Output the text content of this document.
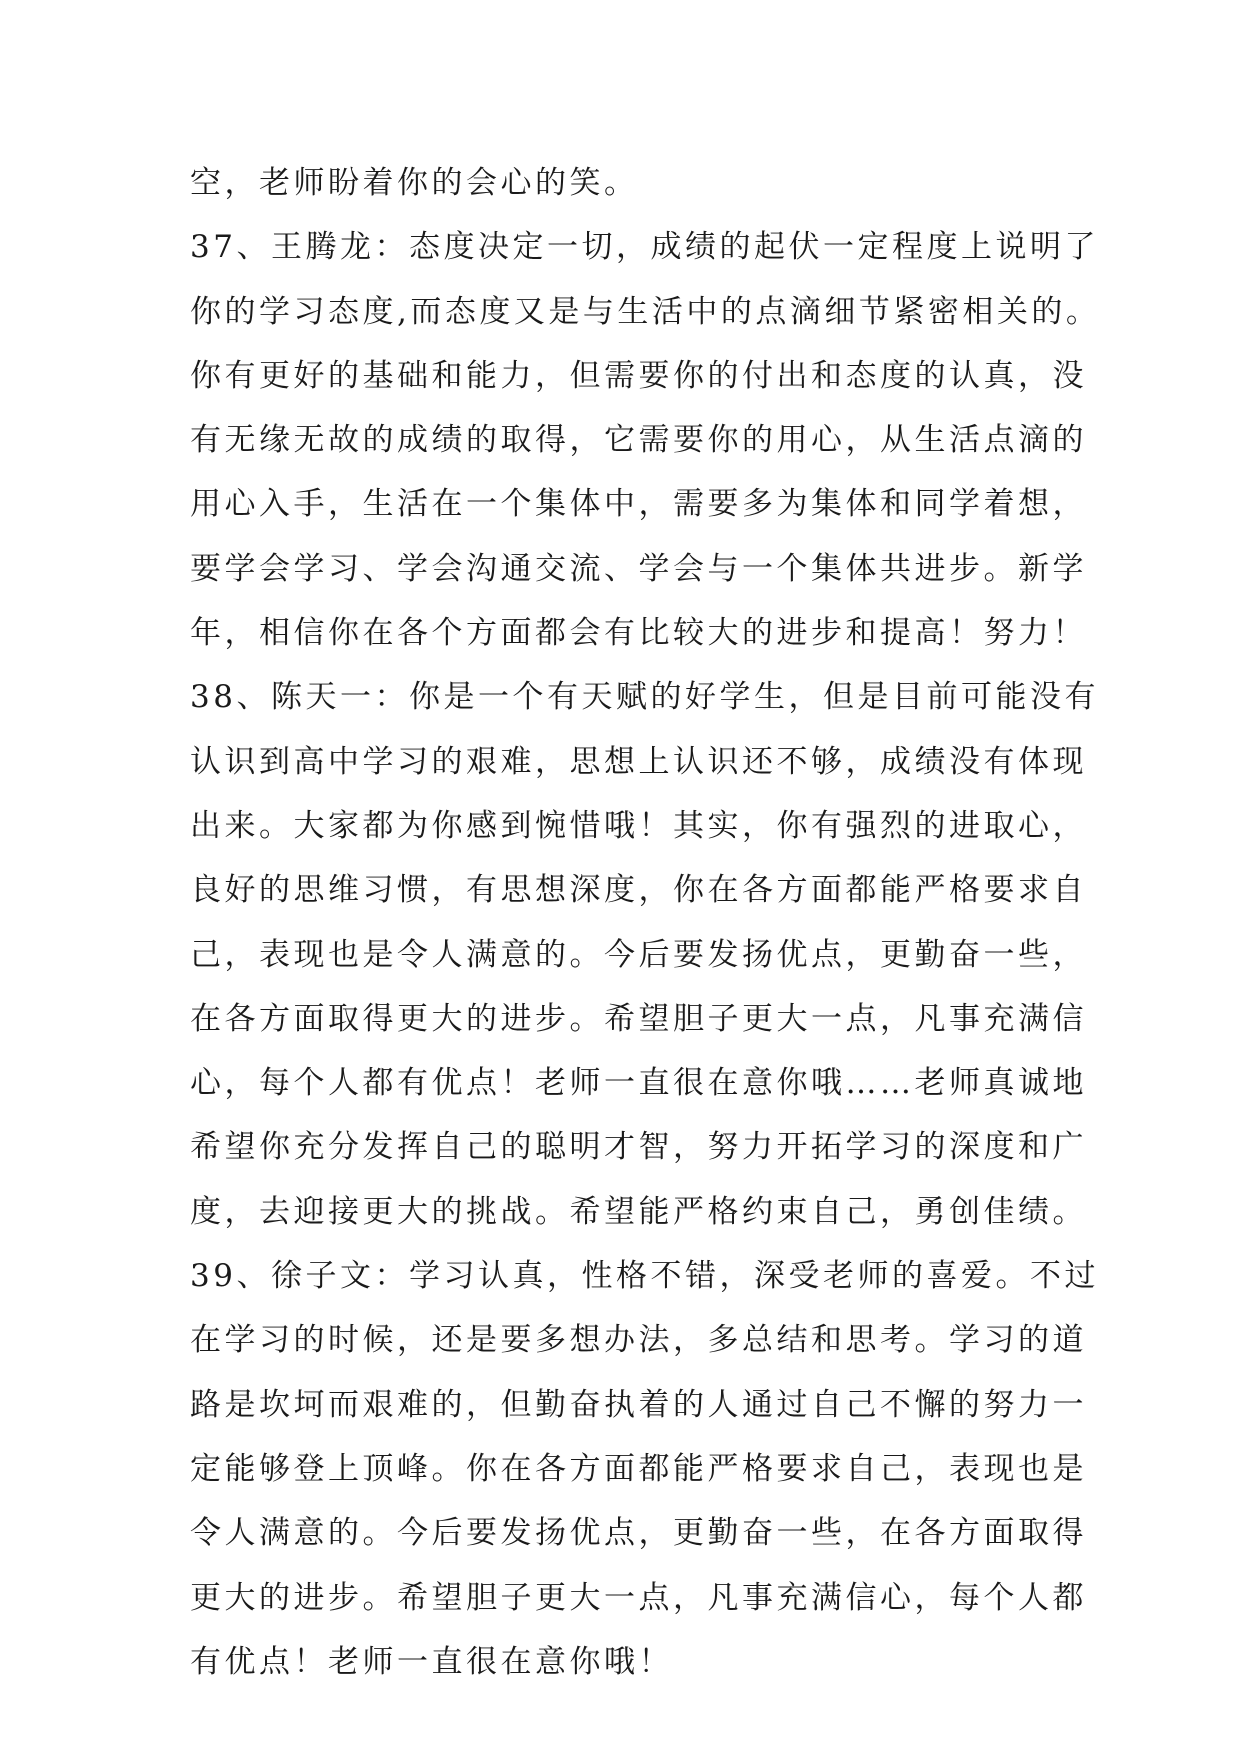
空，老师盼着你的会心的笑。
37、王腾龙：态度决定一切，成绩的起伏一定程度上说明了
你的学习态度,而态度又是与生活中的点滴细节紧密相关的。
你有更好的基础和能力，但需要你的付出和态度的认真，没
有无缘无故的成绩的取得，它需要你的用心，从生活点滴的
用心入手，生活在一个集体中，需要多为集体和同学着想，
要学会学习、学会沟通交流、学会与一个集体共进步。新学
年，相信你在各个方面都会有比较大的进步和提高！努力！
38、陈天一：你是一个有天赋的好学生，但是目前可能没有
认识到高中学习的艰难，思想上认识还不够，成绩没有体现
出来。大家都为你感到惋惜哦！其实，你有强烈的进取心，
良好的思维习惯，有思想深度，你在各方面都能严格要求自
己，表现也是令人满意的。今后要发扬优点，更勤奋一些，
在各方面取得更大的进步。希望胆子更大一点，凡事充满信
心，每个人都有优点！老师一直很在意你哦……老师真诚地
希望你充分发挥自己的聪明才智，努力开拓学习的深度和广
度，去迎接更大的挑战。希望能严格约束自己，勇创佳绩。
39、徐子文：学习认真，性格不错，深受老师的喜爱。不过
在学习的时候，还是要多想办法，多总结和思考。学习的道
路是坎坷而艰难的，但勤奋执着的人通过自己不懈的努力一
定能够登上顶峰。你在各方面都能严格要求自己，表现也是
令人满意的。今后要发扬优点，更勤奋一些，在各方面取得
更大的进步。希望胆子更大一点，凡事充满信心，每个人都
有优点！老师一直很在意你哦！
